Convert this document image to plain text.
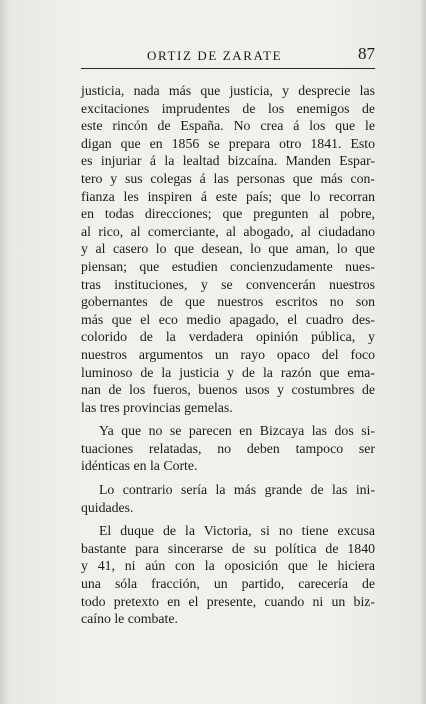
ORTIZ DE ZARATE	87
justicia, nada más que justicia, y desprecie las
excitaciones imprudentes de los enemigos de
este rincón de España. No crea á los que le
digan que en 1856 se prepara otro 1841. Esto
es injuriar á la lealtad bizcaína. Manden Espar-
tero y sus colegas á las personas que más con-
fianza les inspiren á este país; que lo recorran
en todas direcciones; que pregunten al pobre,
al rico, al comerciante, al abogado, al ciudadano
y al casero lo que desean, lo que aman, lo que
piensan; que estudien concienzudamente nues-
tras instituciones, y se convencerán nuestros
gobernantes de que nuestros escritos no son
más que el eco medio apagado, el cuadro des-
colorido de la verdadera opinión pública, y
nuestros argumentos un rayo opaco del foco
luminoso de la justicia y de la razón que ema-
nan de los fueros, buenos usos y costumbres de
las tres provincias gemelas.
Ya que no se parecen en Bizcaya las dos si-
tuaciones relatadas, no deben tampoco ser
idénticas en la Corte.
Lo contrario sería la más grande de las ini-
quidades.
El duque de la Victoria, si no tiene excusa
bastante para sincerarse de su política de 1840
y 41, ni aún con la oposición que le hiciera
una sóla fracción, un partido, carecería de
todo pretexto en el presente, cuando ni un biz-
caíno le combate.
